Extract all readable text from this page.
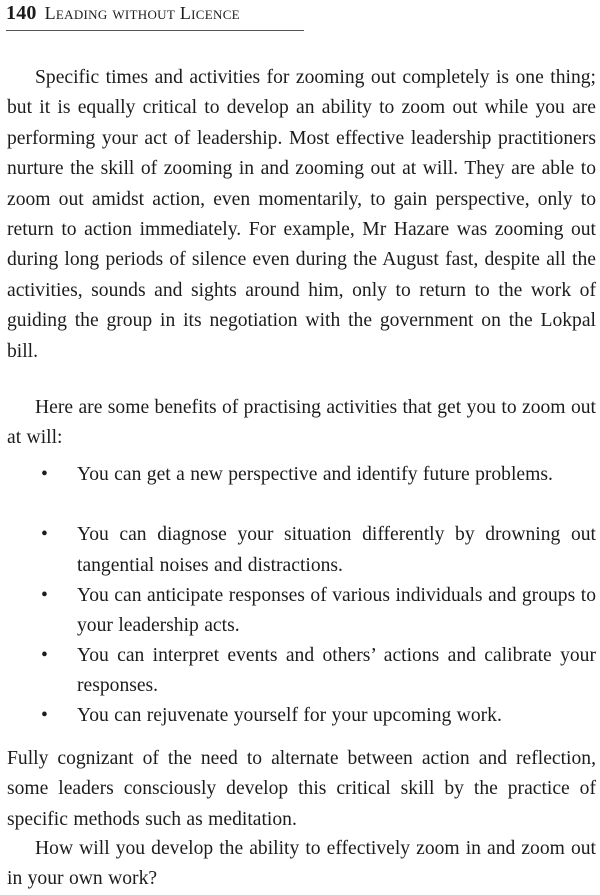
140 Leading without Licence

Specific times and activities for zooming out completely is one thing; but it is equally critical to develop an ability to zoom out while you are performing your act of leadership. Most effective leadership practitioners nurture the skill of zooming in and zooming out at will. They are able to zoom out amidst action, even momentarily, to gain perspective, only to return to action immediately. For example, Mr Hazare was zooming out during long periods of silence even during the August fast, despite all the activities, sounds and sights around him, only to return to the work of guiding the group in its negotiation with the government on the Lokpal bill.

Here are some benefits of practising activities that get you to zoom out at will:

• You can get a new perspective and identify future problems.
• You can diagnose your situation differently by drowning out tangential noises and distractions.
• You can anticipate responses of various individuals and groups to your leadership acts.
• You can interpret events and others’ actions and calibrate your responses.
• You can rejuvenate yourself for your upcoming work.

Fully cognizant of the need to alternate between action and reflection, some leaders consciously develop this critical skill by the practice of specific methods such as meditation.

How will you develop the ability to effectively zoom in and zoom out in your own work?
